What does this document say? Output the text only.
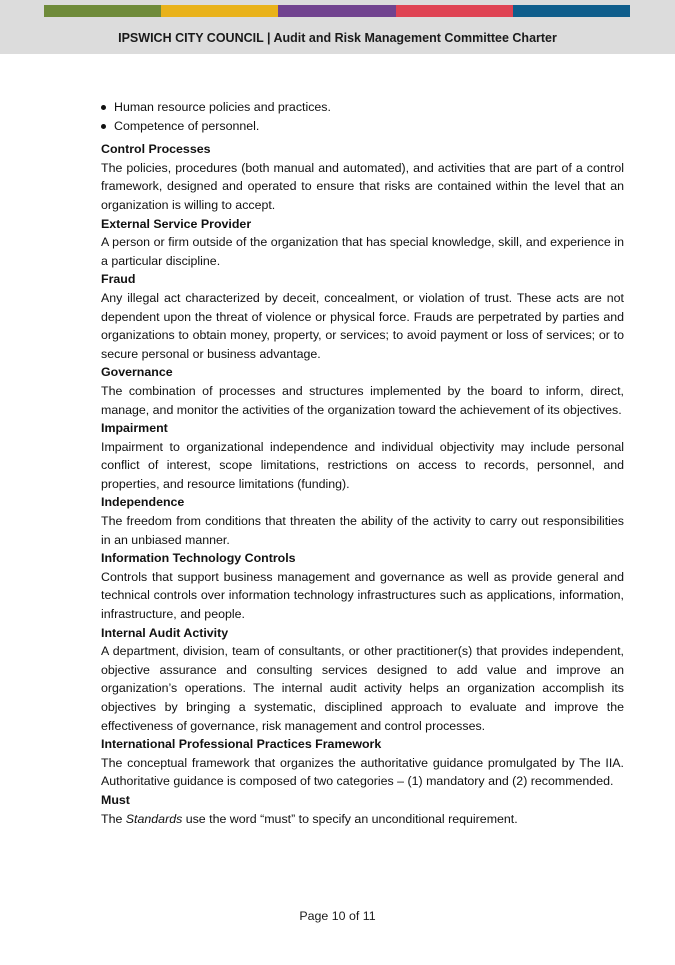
IPSWICH CITY COUNCIL | Audit and Risk Management Committee Charter

Human resource policies and practices.

Competence of personnel.

Control Processes

The policies, procedures (both manual and automated), and activities that are part of a control framework, designed and operated to ensure that risks are contained within the level that an organization is willing to accept.

External Service Provider

A person or firm outside of the organization that has special knowledge, skill, and experience in a particular discipline.

Fraud

Any illegal act characterized by deceit, concealment, or violation of trust. These acts are not dependent upon the threat of violence or physical force. Frauds are perpetrated by parties and organizations to obtain money, property, or services; to avoid payment or loss of services; or to secure personal or business advantage.

Governance

The combination of processes and structures implemented by the board to inform, direct, manage, and monitor the activities of the organization toward the achievement of its objectives.

Impairment

Impairment to organizational independence and individual objectivity may include personal conflict of interest, scope limitations, restrictions on access to records, personnel, and properties, and resource limitations (funding).

Independence

The freedom from conditions that threaten the ability of the activity to carry out responsibilities in an unbiased manner.

Information Technology Controls

Controls that support business management and governance as well as provide general and technical controls over information technology infrastructures such as applications, information, infrastructure, and people.

Internal Audit Activity

A department, division, team of consultants, or other practitioner(s) that provides independent, objective assurance and consulting services designed to add value and improve an organization’s operations. The internal audit activity helps an organization accomplish its objectives by bringing a systematic, disciplined approach to evaluate and improve the effectiveness of governance, risk management and control processes.

International Professional Practices Framework

The conceptual framework that organizes the authoritative guidance promulgated by The IIA. Authoritative guidance is composed of two categories – (1) mandatory and (2) recommended.

Must

The Standards use the word “must” to specify an unconditional requirement.

Page 10 of 11
